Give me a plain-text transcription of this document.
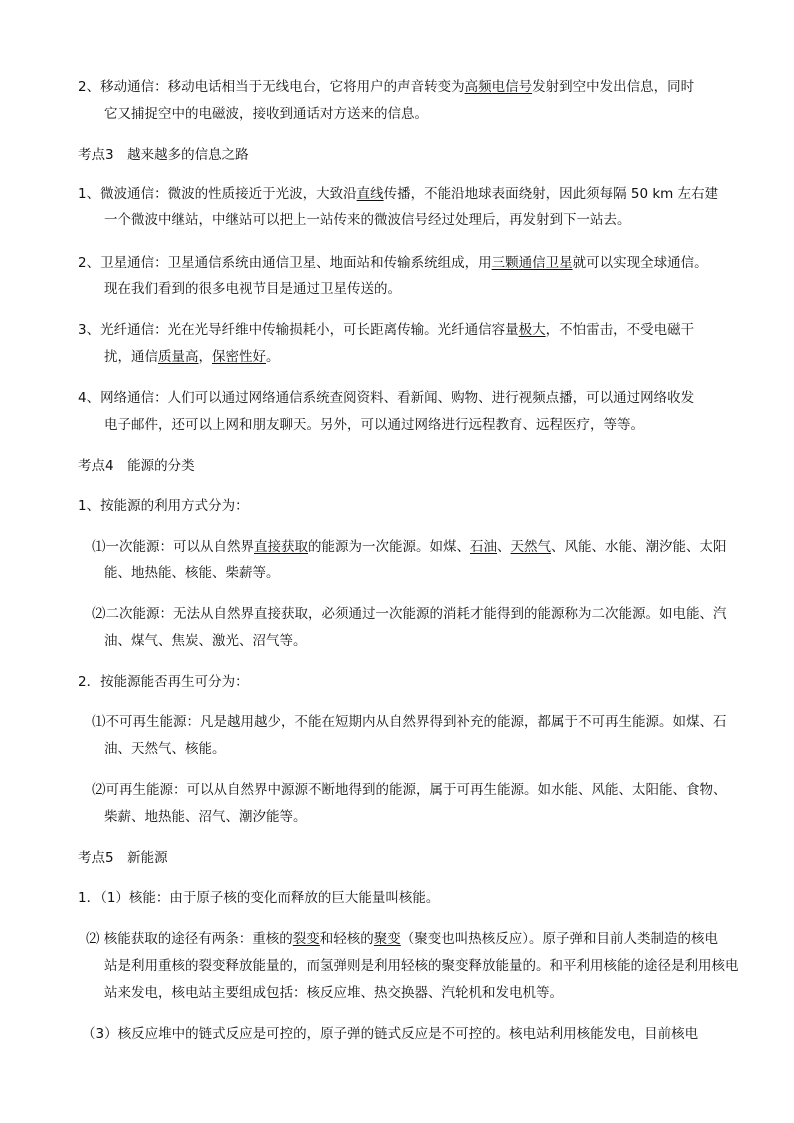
2、移动通信：移动电话相当于无线电台，它将用户的声音转变为高频电信号发射到空中发出信息，同时
它又捕捉空中的电磁波，接收到通话对方送来的信息。
考点3　越来越多的信息之路
1、微波通信：微波的性质接近于光波，大致沿直线传播，不能沿地球表面绕射，因此须每隔 50 km 左右建
一个微波中继站，中继站可以把上一站传来的微波信号经过处理后，再发射到下一站去。
2、卫星通信：卫星通信系统由通信卫星、地面站和传输系统组成，用三颗通信卫星就可以实现全球通信。
现在我们看到的很多电视节目是通过卫星传送的。
3、光纤通信：光在光导纤维中传输损耗小，可长距离传输。光纤通信容量极大，不怕雷击，不受电磁干
扰，通信质量高，保密性好。
4、网络通信：人们可以通过网络通信系统查阅资料、看新闻、购物、进行视频点播，可以通过网络收发
电子邮件，还可以上网和朋友聊天。另外，可以通过网络进行远程教育、远程医疗，等等。
考点4　能源的分类
1、按能源的利用方式分为：
⑴一次能源：可以从自然界直接获取的能源为一次能源。如煤、石油、天然气、风能、水能、潮汐能、太阳
能、地热能、核能、柴薪等。
⑵二次能源：无法从自然界直接获取，必须通过一次能源的消耗才能得到的能源称为二次能源。如电能、汽
油、煤气、焦炭、激光、沼气等。
2．按能源能否再生可分为：
⑴不可再生能源：凡是越用越少，不能在短期内从自然界得到补充的能源，都属于不可再生能源。如煤、石
油、天然气、核能。
⑵可再生能源：可以从自然界中源源不断地得到的能源，属于可再生能源。如水能、风能、太阳能、食物、
柴薪、地热能、沼气、潮汐能等。
考点5　新能源
1．（1）核能：由于原子核的变化而释放的巨大能量叫核能。
⑵ 核能获取的途径有两条：重核的裂变和轻核的聚变（聚变也叫热核反应）。原子弹和目前人类制造的核电
站是利用重核的裂变释放能量的，而氢弹则是利用轻核的聚变释放能量的。和平利用核能的途径是利用核电
站来发电，核电站主要组成包括：核反应堆、热交换器、汽轮机和发电机等。
（3）核反应堆中的链式反应是可控的，原子弹的链式反应是不可控的。核电站利用核能发电，目前核电
